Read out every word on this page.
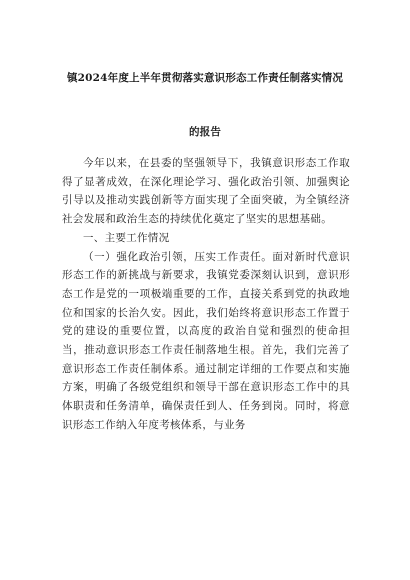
镇2024年度上半年贯彻落实意识形态工作责任制落实情况
的报告

今年以来，在县委的坚强领导下，我镇意识形态工作取得了显著成效，在深化理论学习、强化政治引领、加强舆论引导以及推动实践创新等方面实现了全面突破，为全镇经济社会发展和政治生态的持续优化奠定了坚实的思想基础。

一、主要工作情况

（一）强化政治引领，压实工作责任。面对新时代意识形态工作的新挑战与新要求，我镇党委深刻认识到，意识形态工作是党的一项极端重要的工作，直接关系到党的执政地位和国家的长治久安。因此，我们始终将意识形态工作置于党的建设的重要位置，以高度的政治自觉和强烈的使命担当，推动意识形态工作责任制落地生根。首先，我们完善了意识形态工作责任制体系。通过制定详细的工作要点和实施方案，明确了各级党组织和领导干部在意识形态工作中的具体职责和任务清单，确保责任到人、任务到岗。同时，将意识形态工作纳入年度考核体系，与业务
